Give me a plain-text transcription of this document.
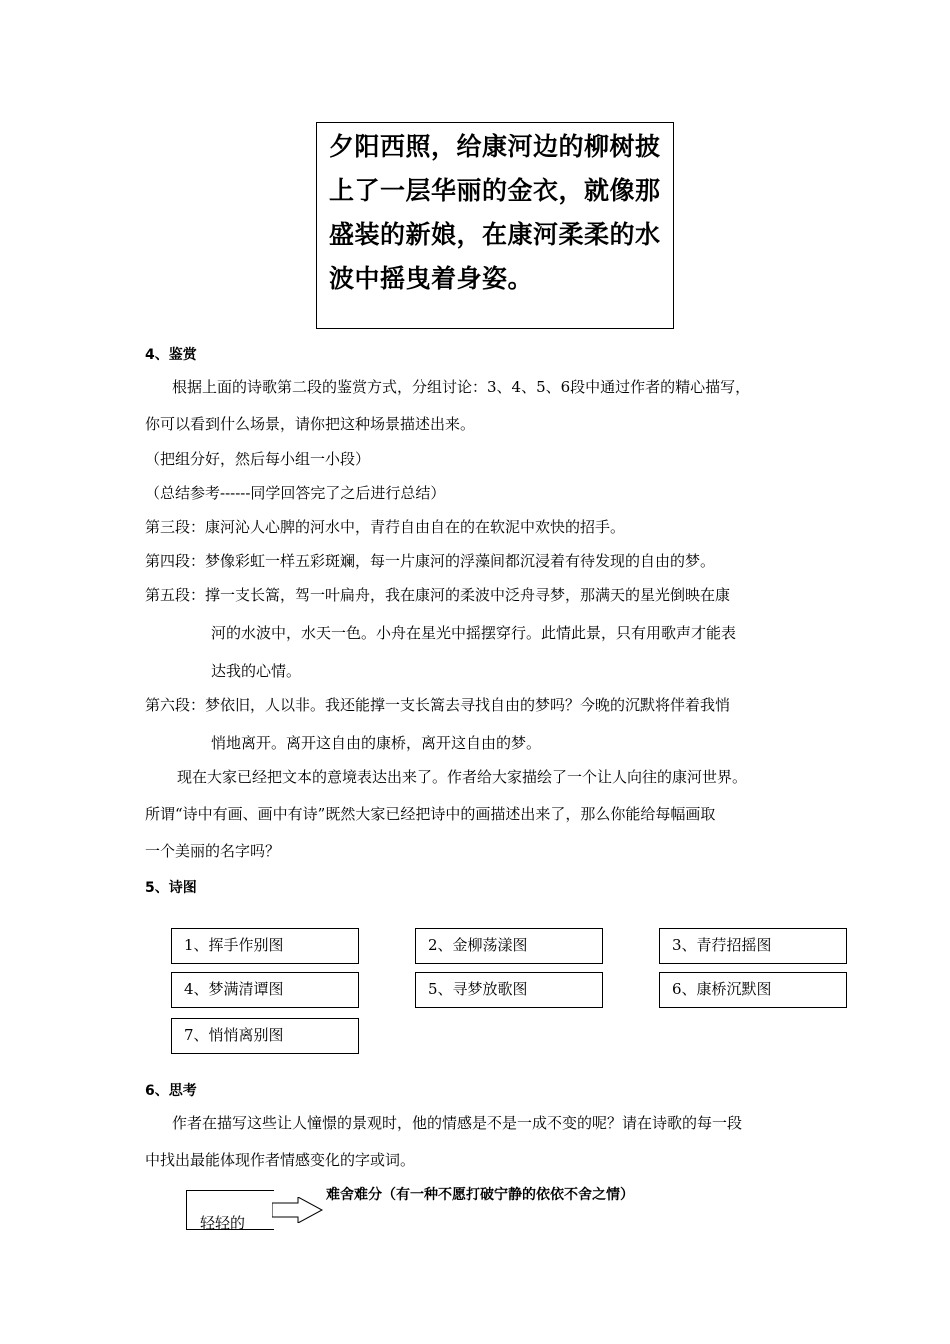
夕阳西照，给康河边的柳树披
上了一层华丽的金衣，就像那
盛装的新娘，在康河柔柔的水
波中摇曳着身姿。
4、鉴赏
根据上面的诗歌第二段的鉴赏方式，分组讨论：3、4、5、6段中通过作者的精心描写，
你可以看到什么场景，请你把这种场景描述出来。
（把组分好，然后每小组一小段）
（总结参考------同学回答完了之后进行总结）
第三段：康河沁人心脾的河水中，青荇自由自在的在软泥中欢快的招手。
第四段：梦像彩虹一样五彩斑斓，每一片康河的浮藻间都沉浸着有待发现的自由的梦。
第五段：撑一支长篙，驾一叶扁舟，我在康河的柔波中泛舟寻梦，那满天的星光倒映在康
河的水波中，水天一色。小舟在星光中摇摆穿行。此情此景，只有用歌声才能表
达我的心情。
第六段：梦依旧，人以非。我还能撑一支长篙去寻找自由的梦吗？今晚的沉默将伴着我悄
悄地离开。离开这自由的康桥，离开这自由的梦。
现在大家已经把文本的意境表达出来了。作者给大家描绘了一个让人向往的康河世界。
所谓“诗中有画、画中有诗”既然大家已经把诗中的画描述出来了，那么你能给每幅画取
一个美丽的名字吗？
5、诗图
1、挥手作别图	2、金柳荡漾图	3、青荇招摇图
4、梦满清谭图	5、寻梦放歌图	6、康桥沉默图
7、悄悄离别图
6、思考
作者在描写这些让人憧憬的景观时，他的情感是不是一成不变的呢？请在诗歌的每一段
中找出最能体现作者情感变化的字或词。
轻轻的
难舍难分（有一种不愿打破宁静的依依不舍之情）
